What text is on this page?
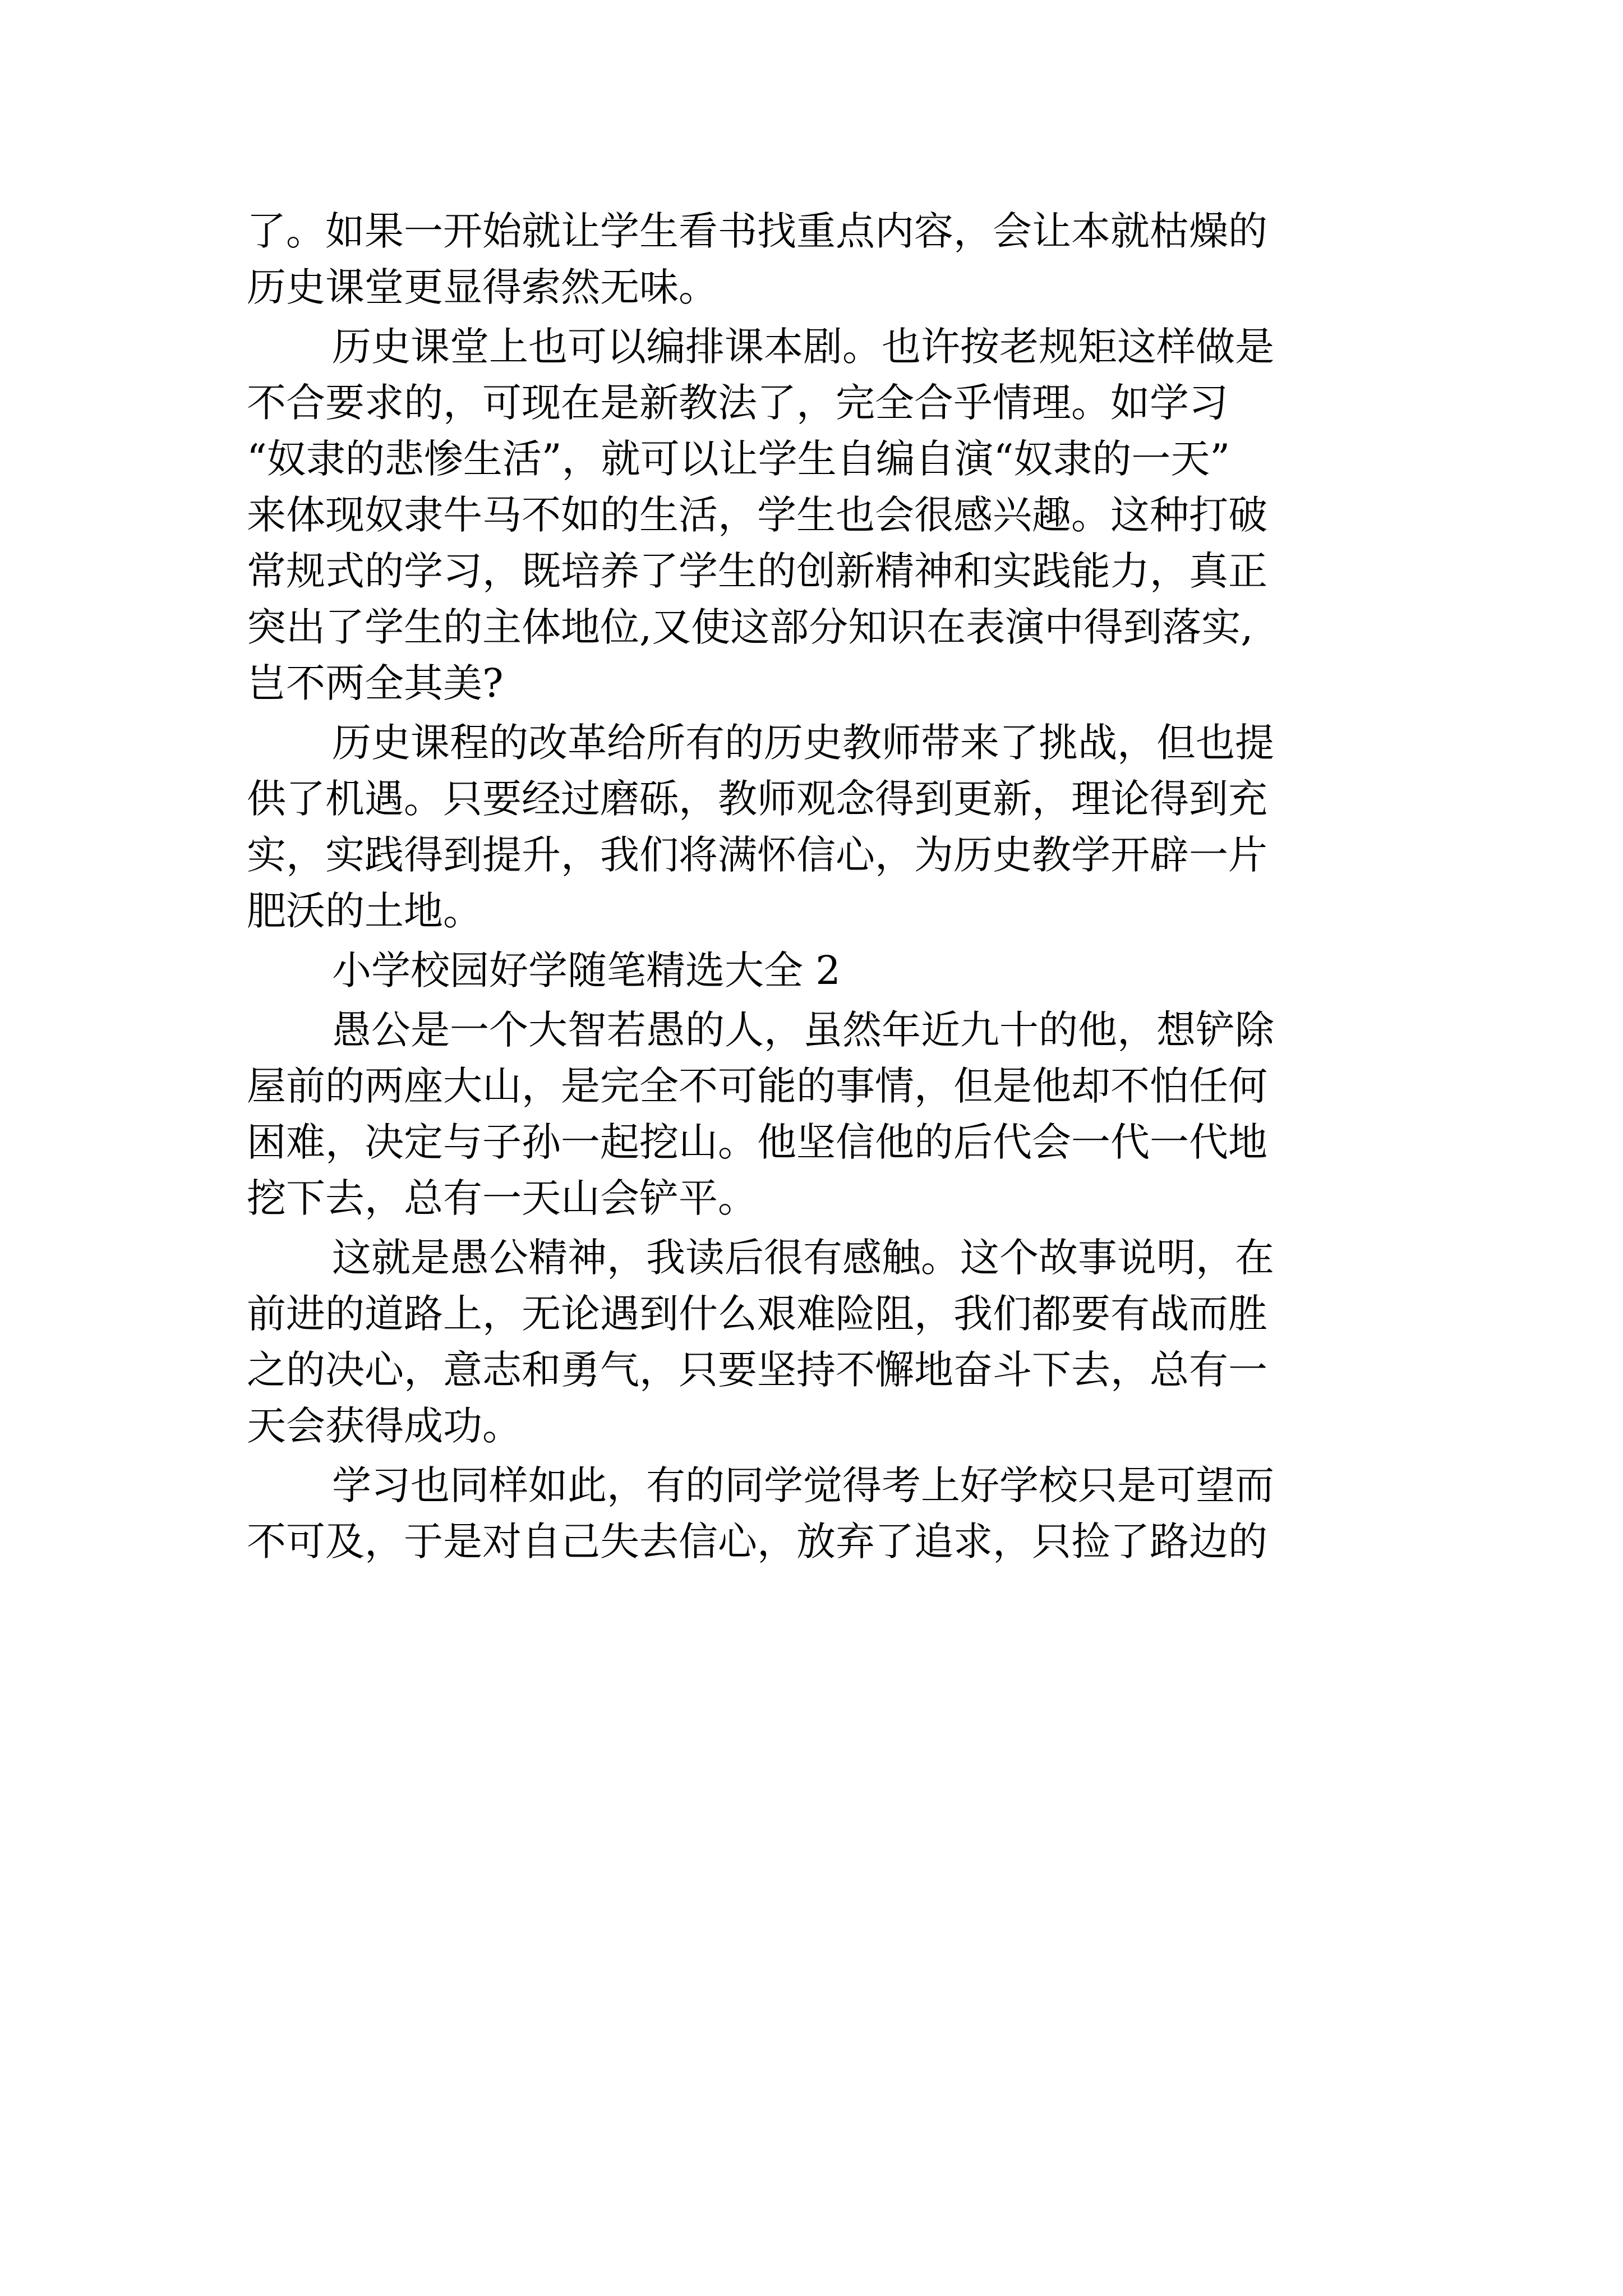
了。如果一开始就让学生看书找重点内容，会让本就枯燥的
历史课堂更显得索然无味。
历史课堂上也可以编排课本剧。也许按老规矩这样做是
不合要求的，可现在是新教法了，完全合乎情理。如学习
“奴隶的悲惨生活”，就可以让学生自编自演“奴隶的一天”
来体现奴隶牛马不如的生活，学生也会很感兴趣。这种打破
常规式的学习，既培养了学生的创新精神和实践能力，真正
突出了学生的主体地位,又使这部分知识在表演中得到落实,
岂不两全其美?
历史课程的改革给所有的历史教师带来了挑战，但也提
供了机遇。只要经过磨砾，教师观念得到更新，理论得到充
实，实践得到提升，我们将满怀信心，为历史教学开辟一片
肥沃的土地。
小学校园好学随笔精选大全 2
愚公是一个大智若愚的人，虽然年近九十的他，想铲除
屋前的两座大山，是完全不可能的事情，但是他却不怕任何
困难，决定与子孙一起挖山。他坚信他的后代会一代一代地
挖下去，总有一天山会铲平。
这就是愚公精神，我读后很有感触。这个故事说明，在
前进的道路上，无论遇到什么艰难险阻，我们都要有战而胜
之的决心，意志和勇气，只要坚持不懈地奋斗下去，总有一
天会获得成功。
学习也同样如此，有的同学觉得考上好学校只是可望而
不可及，于是对自己失去信心，放弃了追求，只捡了路边的
